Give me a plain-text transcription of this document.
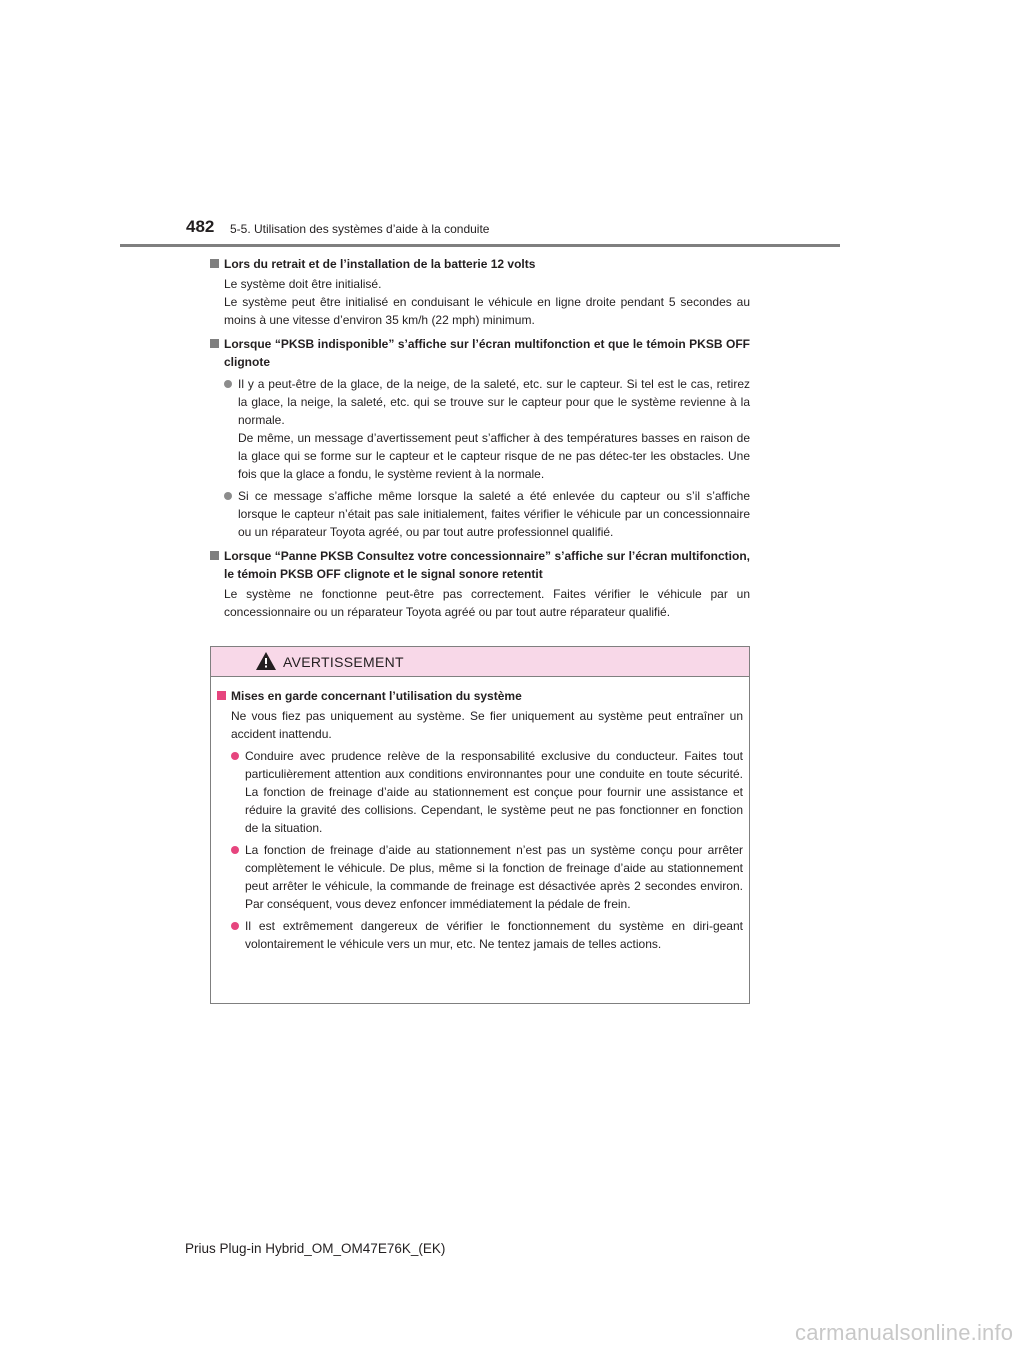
482 5-5. Utilisation des systèmes d’aide à la conduite
Lors du retrait et de l’installation de la batterie 12 volts
Le système doit être initialisé.
Le système peut être initialisé en conduisant le véhicule en ligne droite pendant 5 secondes au moins à une vitesse d’environ 35 km/h (22 mph) minimum.
Lorsque “PKSB indisponible” s’affiche sur l’écran multifonction et que le témoin PKSB OFF clignote
Il y a peut-être de la glace, de la neige, de la saleté, etc. sur le capteur. Si tel est le cas, retirez la glace, la neige, la saleté, etc. qui se trouve sur le capteur pour que le système revienne à la normale.
De même, un message d’avertissement peut s’afficher à des températures basses en raison de la glace qui se forme sur le capteur et le capteur risque de ne pas détec-ter les obstacles. Une fois que la glace a fondu, le système revient à la normale.
Si ce message s’affiche même lorsque la saleté a été enlevée du capteur ou s’il s’affiche lorsque le capteur n’était pas sale initialement, faites vérifier le véhicule par un concessionnaire ou un réparateur Toyota agréé, ou par tout autre professionnel qualifié.
Lorsque “Panne PKSB Consultez votre concessionnaire” s’affiche sur l’écran multifonction, le témoin PKSB OFF clignote et le signal sonore retentit
Le système ne fonctionne peut-être pas correctement. Faites vérifier le véhicule par un concessionnaire ou un réparateur Toyota agréé ou par tout autre réparateur qualifié.
AVERTISSEMENT
Mises en garde concernant l’utilisation du système
Ne vous fiez pas uniquement au système. Se fier uniquement au système peut entraîner un accident inattendu.
Conduire avec prudence relève de la responsabilité exclusive du conducteur. Faites tout particulièrement attention aux conditions environnantes pour une conduite en toute sécurité. La fonction de freinage d’aide au stationnement est conçue pour fournir une assistance et réduire la gravité des collisions. Cependant, le système peut ne pas fonctionner en fonction de la situation.
La fonction de freinage d’aide au stationnement n’est pas un système conçu pour arrêter complètement le véhicule. De plus, même si la fonction de freinage d’aide au stationnement peut arrêter le véhicule, la commande de freinage est désactivée après 2 secondes environ. Par conséquent, vous devez enfoncer immédiatement la pédale de frein.
Il est extrêmement dangereux de vérifier le fonctionnement du système en diri-geant volontairement le véhicule vers un mur, etc. Ne tentez jamais de telles actions.
Prius Plug-in Hybrid_OM_OM47E76K_(EK)
carmanualsonline.info
